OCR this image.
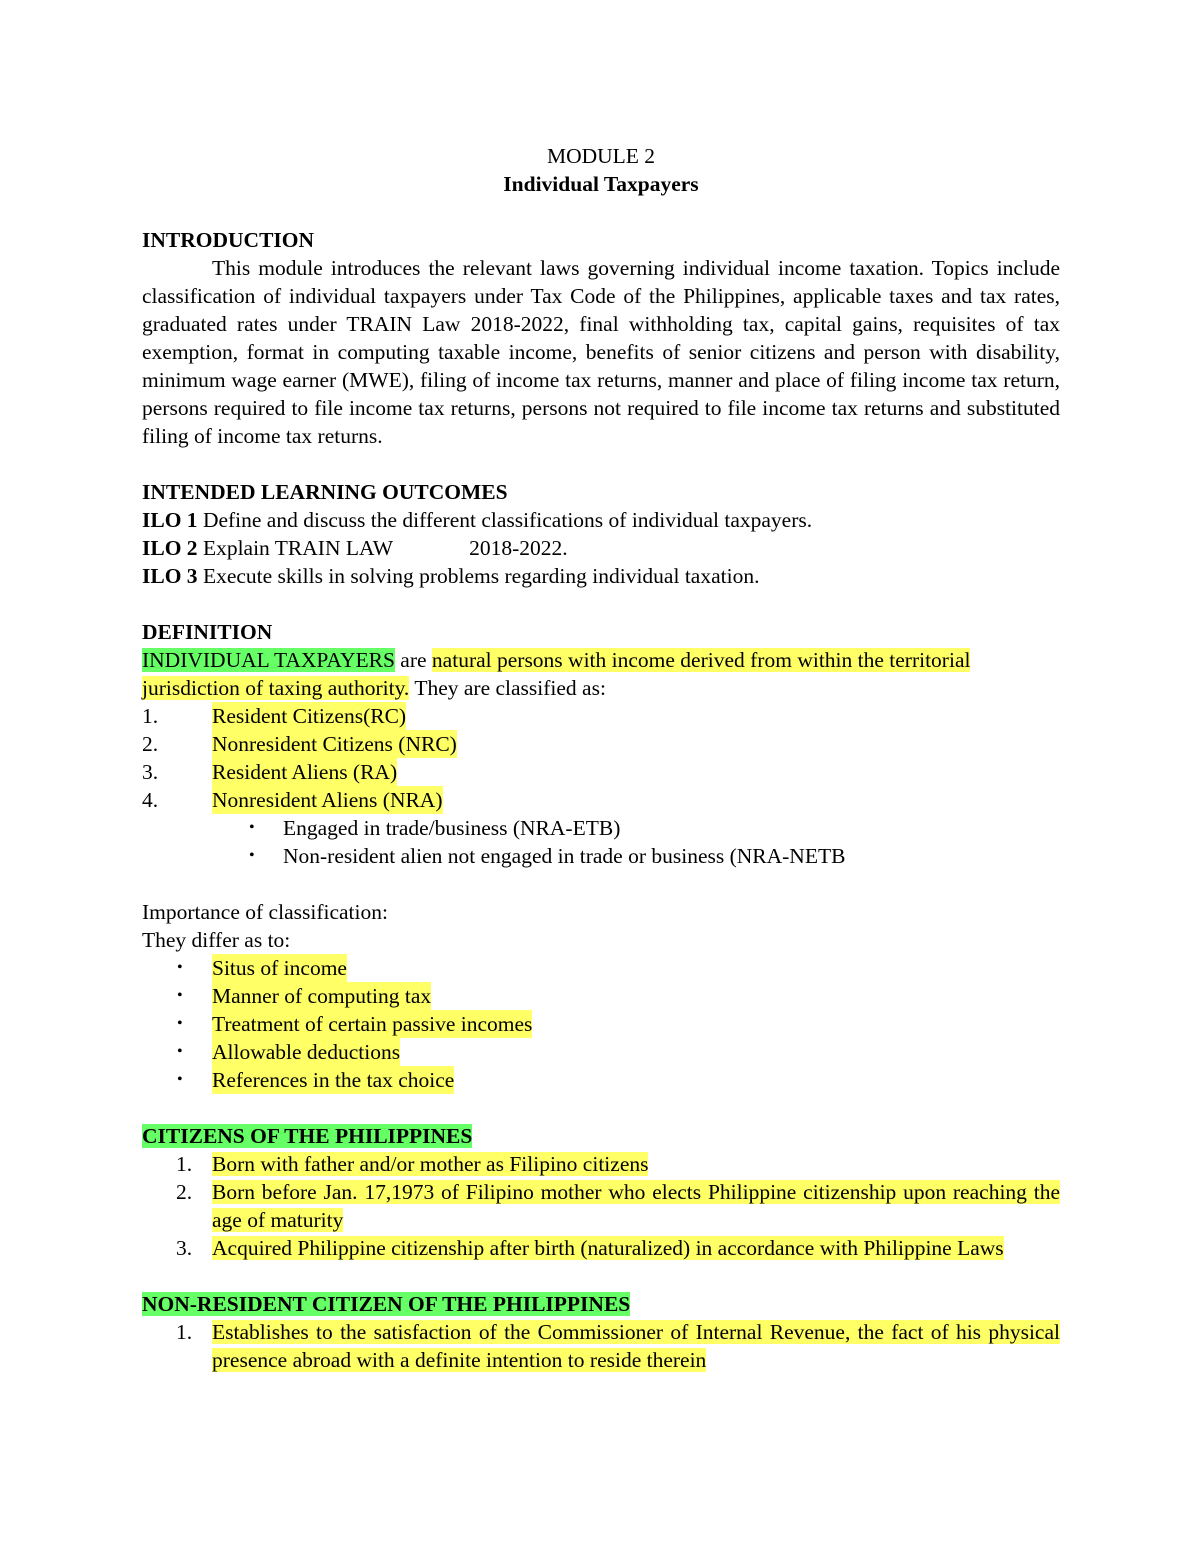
MODULE 2
Individual Taxpayers
INTRODUCTION
This module introduces the relevant laws governing individual income taxation. Topics include classification of individual taxpayers under Tax Code of the Philippines, applicable taxes and tax rates, graduated rates under TRAIN Law 2018-2022, final withholding tax, capital gains, requisites of tax exemption, format in computing taxable income, benefits of senior citizens and person with disability, minimum wage earner (MWE), filing of income tax returns, manner and place of filing income tax return, persons required to file income tax returns, persons not required to file income tax returns and substituted filing of income tax returns.
INTENDED LEARNING OUTCOMES
ILO 1 Define and discuss the different classifications of individual taxpayers.
ILO 2 Explain TRAIN LAW	2018-2022.
ILO 3 Execute skills in solving problems regarding individual taxation.
DEFINITION
INDIVIDUAL TAXPAYERS are natural persons with income derived from within the territorial
jurisdiction of taxing authority. They are classified as:
1.	Resident Citizens(RC)
2.	Nonresident Citizens (NRC)
3.	Resident Aliens (RA)
4.	Nonresident Aliens (NRA)
• Engaged in trade/business (NRA-ETB)
• Non-resident alien not engaged in trade or business (NRA-NETB
Importance of classification:
They differ as to:
• Situs of income
• Manner of computing tax
• Treatment of certain passive incomes
• Allowable deductions
• References in the tax choice
CITIZENS OF THE PHILIPPINES
1. Born with father and/or mother as Filipino citizens
2. Born before Jan. 17,1973 of Filipino mother who elects Philippine citizenship upon reaching the age of maturity
3. Acquired Philippine citizenship after birth (naturalized) in accordance with Philippine Laws
NON-RESIDENT CITIZEN OF THE PHILIPPINES
1. Establishes to the satisfaction of the Commissioner of Internal Revenue, the fact of his physical presence abroad with a definite intention to reside therein
